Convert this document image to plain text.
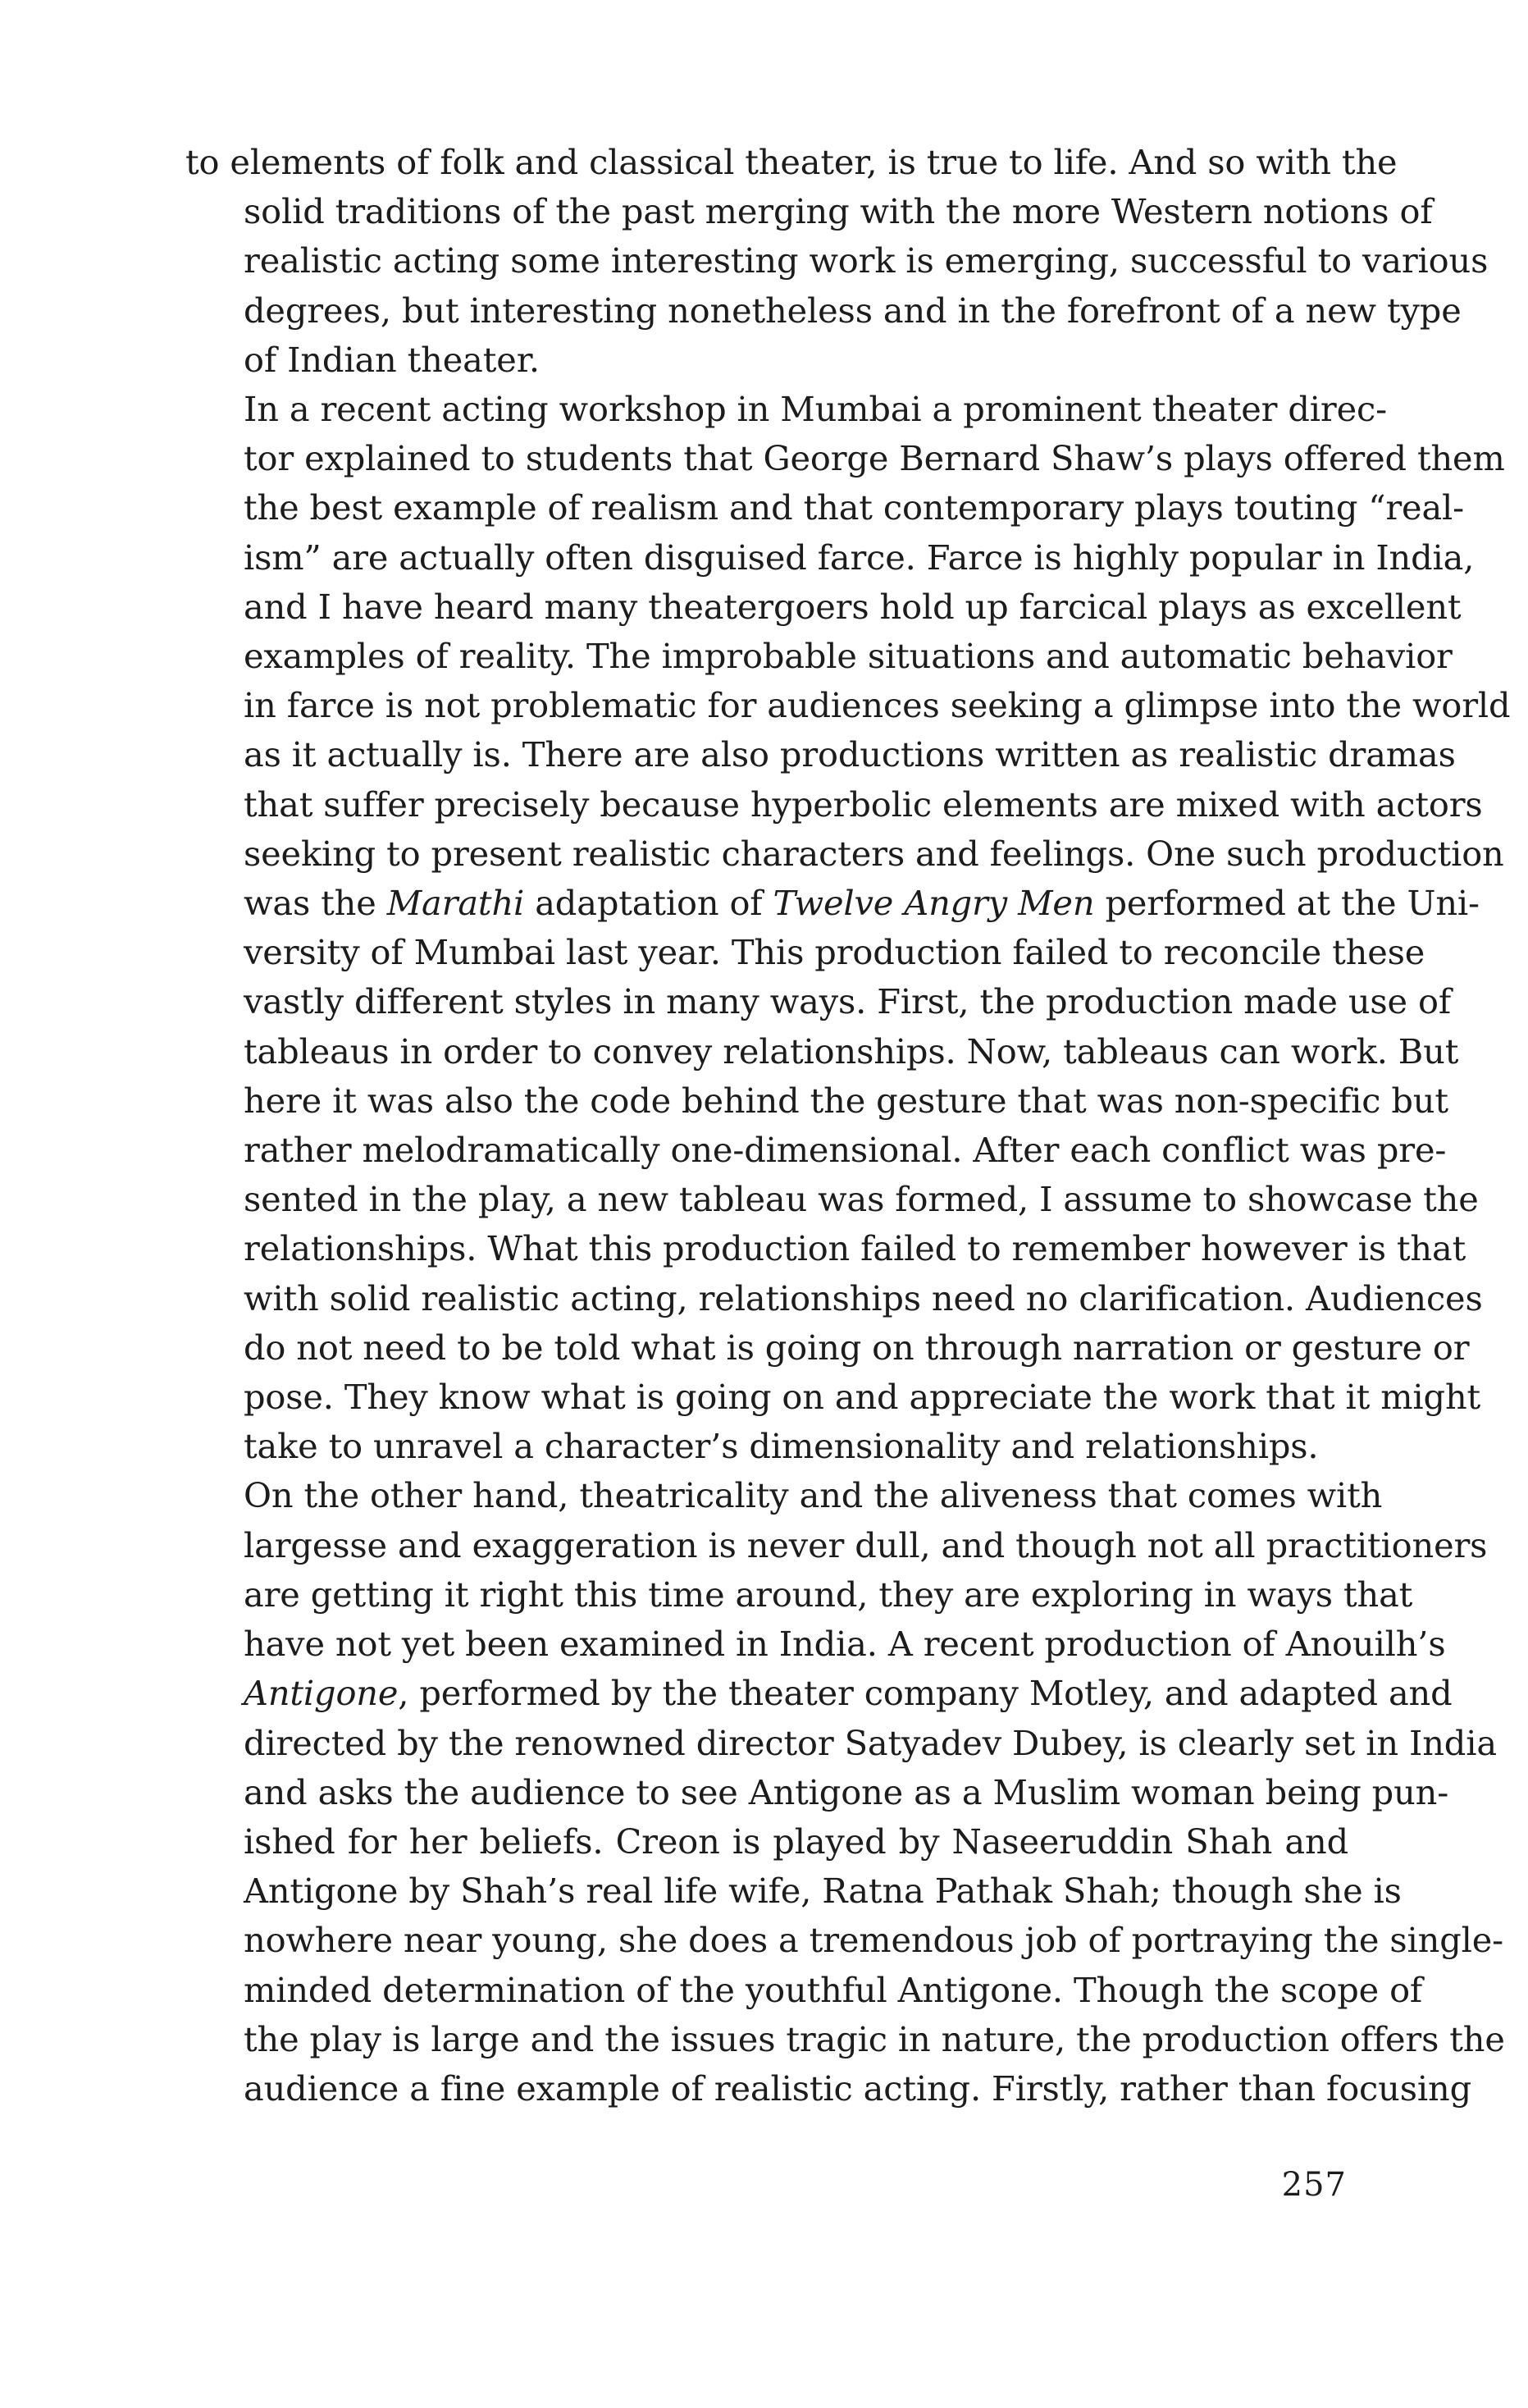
to elements of folk and classical theater, is true to life. And so with the
solid traditions of the past merging with the more Western notions of
realistic acting some interesting work is emerging, successful to various
degrees, but interesting nonetheless and in the forefront of a new type
of Indian theater.
In a recent acting workshop in Mumbai a prominent theater direc-
tor explained to students that George Bernard Shaw’s plays offered them
the best example of realism and that contemporary plays touting “real-
ism” are actually often disguised farce. Farce is highly popular in India,
and I have heard many theatergoers hold up farcical plays as excellent
examples of reality. The improbable situations and automatic behavior
in farce is not problematic for audiences seeking a glimpse into the world
as it actually is. There are also productions written as realistic dramas
that suffer precisely because hyperbolic elements are mixed with actors
seeking to present realistic characters and feelings. One such production
was the Marathi adaptation of Twelve Angry Men performed at the Uni-
versity of Mumbai last year. This production failed to reconcile these
vastly different styles in many ways. First, the production made use of
tableaus in order to convey relationships. Now, tableaus can work. But
here it was also the code behind the gesture that was non-specific but
rather melodramatically one-dimensional. After each conflict was pre-
sented in the play, a new tableau was formed, I assume to showcase the
relationships. What this production failed to remember however is that
with solid realistic acting, relationships need no clarification. Audiences
do not need to be told what is going on through narration or gesture or
pose. They know what is going on and appreciate the work that it might
take to unravel a character’s dimensionality and relationships.
On the other hand, theatricality and the aliveness that comes with
largesse and exaggeration is never dull, and though not all practitioners
are getting it right this time around, they are exploring in ways that
have not yet been examined in India. A recent production of Anouilh’s
Antigone, performed by the theater company Motley, and adapted and
directed by the renowned director Satyadev Dubey, is clearly set in India
and asks the audience to see Antigone as a Muslim woman being pun-
ished for her beliefs. Creon is played by Naseeruddin Shah and
Antigone by Shah’s real life wife, Ratna Pathak Shah; though she is
nowhere near young, she does a tremendous job of portraying the single-
minded determination of the youthful Antigone. Though the scope of
the play is large and the issues tragic in nature, the production offers the
audience a fine example of realistic acting. Firstly, rather than focusing
257
